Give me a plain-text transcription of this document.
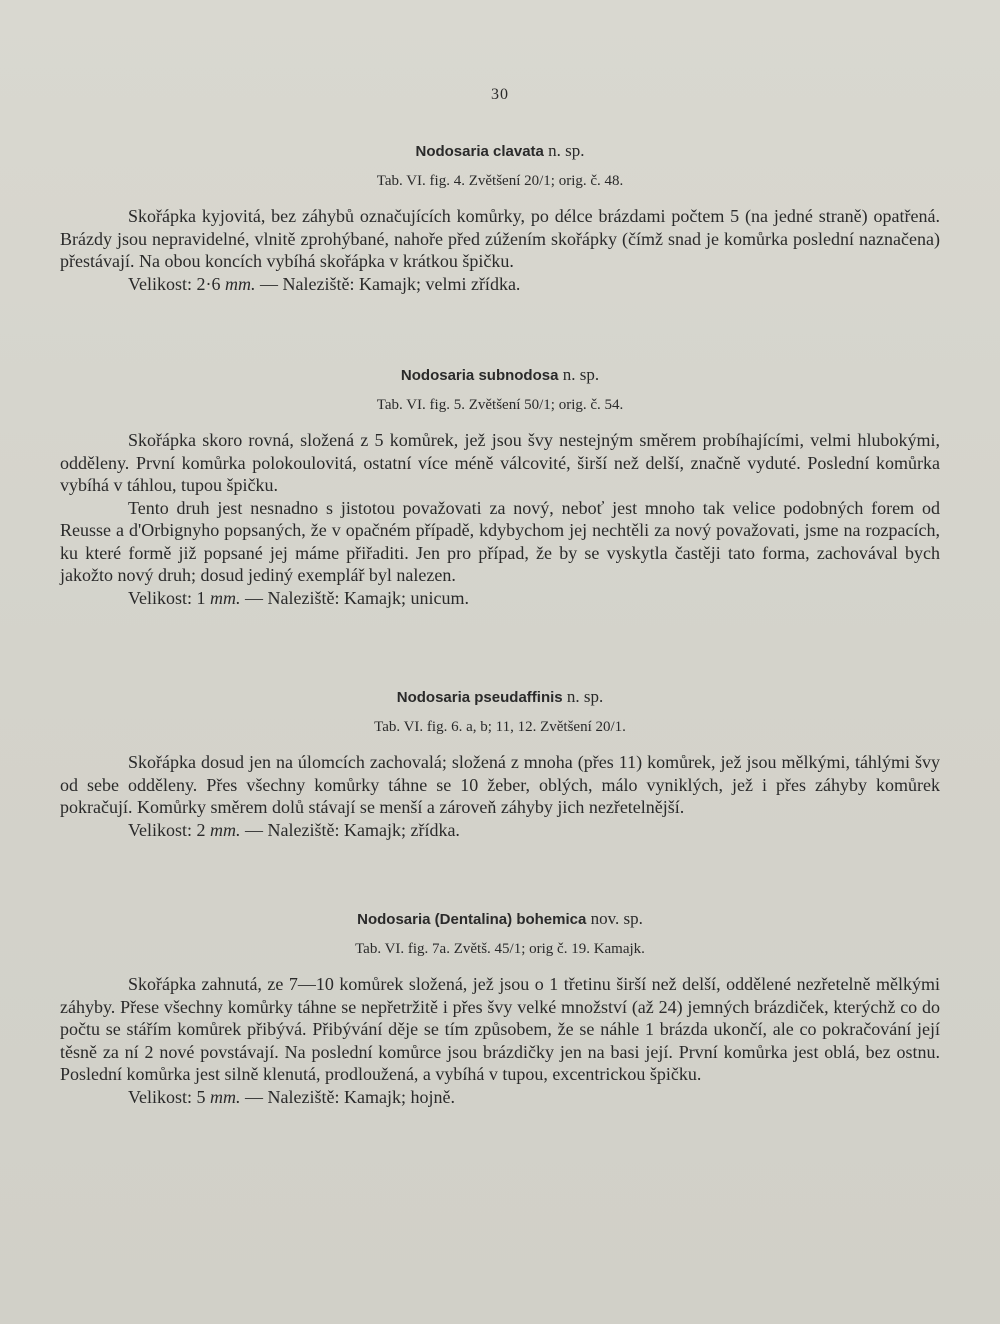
30
Nodosaria clavata n. sp.
Tab. VI. fig. 4. Zvětšení 20/1; orig. č. 48.

Skořápka kyjovitá, bez záhybů označujících komůrky, po délce brázdami počtem 5 (na jedné straně) opatřená. Brázdy jsou nepravidelné, vlnitě zprohýbané, nahoře před zúžením skořápky (čímž snad je komůrka poslední naznačena) přestávají. Na obou koncích vybíhá skořápka v krátkou špičku.

Velikost: 2·6 mm. — Naleziště: Kamajk; velmi zřídka.

Nodosaria subnodosa n. sp.
Tab. VI. fig. 5. Zvětšení 50/1; orig. č. 54.

Skořápka skoro rovná, složená z 5 komůrek, jež jsou švy nestejným směrem probíhajícími, velmi hlubokými, odděleny. První komůrka polokoulovitá, ostatní více méně válcovité, širší než delší, značně vyduté. Poslední komůrka vybíhá v táhlou, tupou špičku.

Tento druh jest nesnadno s jistotou považovati za nový, neboť jest mnoho tak velice podobných forem od Reusse a d'Orbignyho popsaných, že v opačném případě, kdybychom jej nechtěli za nový považovati, jsme na rozpacích, ku které formě již popsané jej máme přiřaditi. Jen pro případ, že by se vyskytla častěji tato forma, zachovával bych jakožto nový druh; dosud jediný exemplář byl nalezen.

Velikost: 1 mm. — Naleziště: Kamajk; unicum.

Nodosaria pseudaffinis n. sp.
Tab. VI. fig. 6. a, b; 11, 12. Zvětšení 20/1.

Skořápka dosud jen na úlomcích zachovalá; složená z mnoha (přes 11) komůrek, jež jsou mělkými, táhlými švy od sebe odděleny. Přes všechny komůrky táhne se 10 žeber, oblých, málo vyniklých, jež i přes záhyby komůrek pokračují. Komůrky směrem dolů stávají se menší a zároveň záhyby jich nezřetelnější.

Velikost: 2 mm. — Naleziště: Kamajk; zřídka.

Nodosaria (Dentalina) bohemica nov. sp.
Tab. VI. fig. 7a. Zvětš. 45/1; orig č. 19. Kamajk.

Skořápka zahnutá, ze 7—10 komůrek složená, jež jsou o 1 třetinu širší než delší, oddělené nezřetelně mělkými záhyby. Přese všechny komůrky táhne se nepřetržitě i přes švy velké množství (až 24) jemných brázdiček, kterýchž co do počtu se stářím komůrek přibývá. Přibývání děje se tím způsobem, že se náhle 1 brázda ukončí, ale co pokračování její těsně za ní 2 nové povstávají. Na poslední komůrce jsou brázdičky jen na basi její. První komůrka jest oblá, bez ostnu. Poslední komůrka jest silně klenutá, prodloužená, a vybíhá v tupou, excentrickou špičku.

Velikost: 5 mm. — Naleziště: Kamajk; hojně.
